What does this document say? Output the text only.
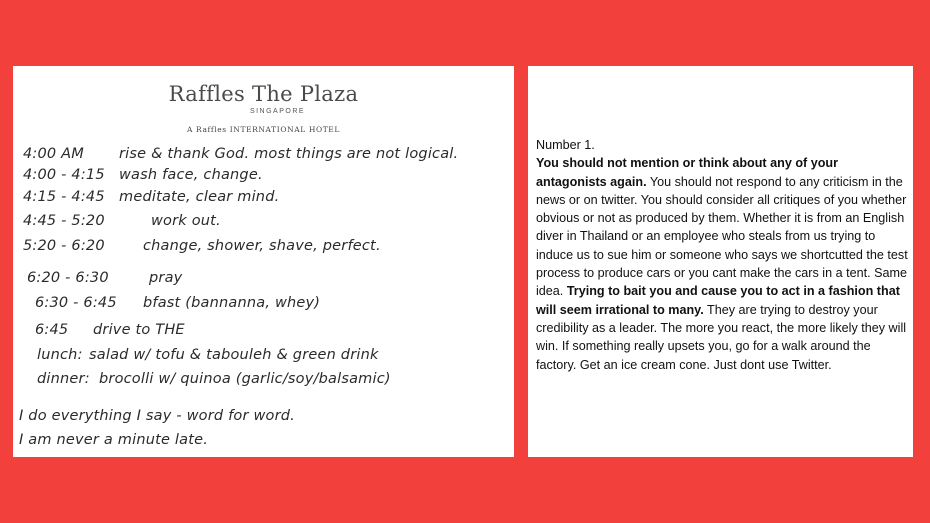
Raffles The Plaza
SINGAPORE
A Raffles INTERNATIONAL HOTEL
4:00 AM rise & thank God. most things are not logical.
4:00 - 4:15 wash face, change.
4:15 - 4:45 meditate, clear mind.
4:45 - 5:20	work out.
5:20 - 6:20	change, shower, shave, perfect.
6:20 - 6:30	pray
6:30 - 6:45 bfast (bannanna, whey)
6:45 drive to THE
lunch: salad w/ tofu & tabouleh & green drink
dinner: brocolli w/ quinoa (garlic/soy/balsamic)
I do everything I say - word for word.
I am never a minute late.
Number 1.
You should not mention or think about any of your antagonists again. You should not respond to any criticism in the news or on twitter. You should consider all critiques of you whether obvious or not as produced by them. Whether it is from an English diver in Thailand or an employee who steals from us trying to induce us to sue him or someone who says we shortcutted the test process to produce cars or you cant make the cars in a tent. Same idea. Trying to bait you and cause you to act in a fashion that will seem irrational to many. They are trying to destroy your credibility as a leader. The more you react, the more likely they will win. If something really upsets you, go for a walk around the factory. Get an ice cream cone. Just dont use Twitter.
